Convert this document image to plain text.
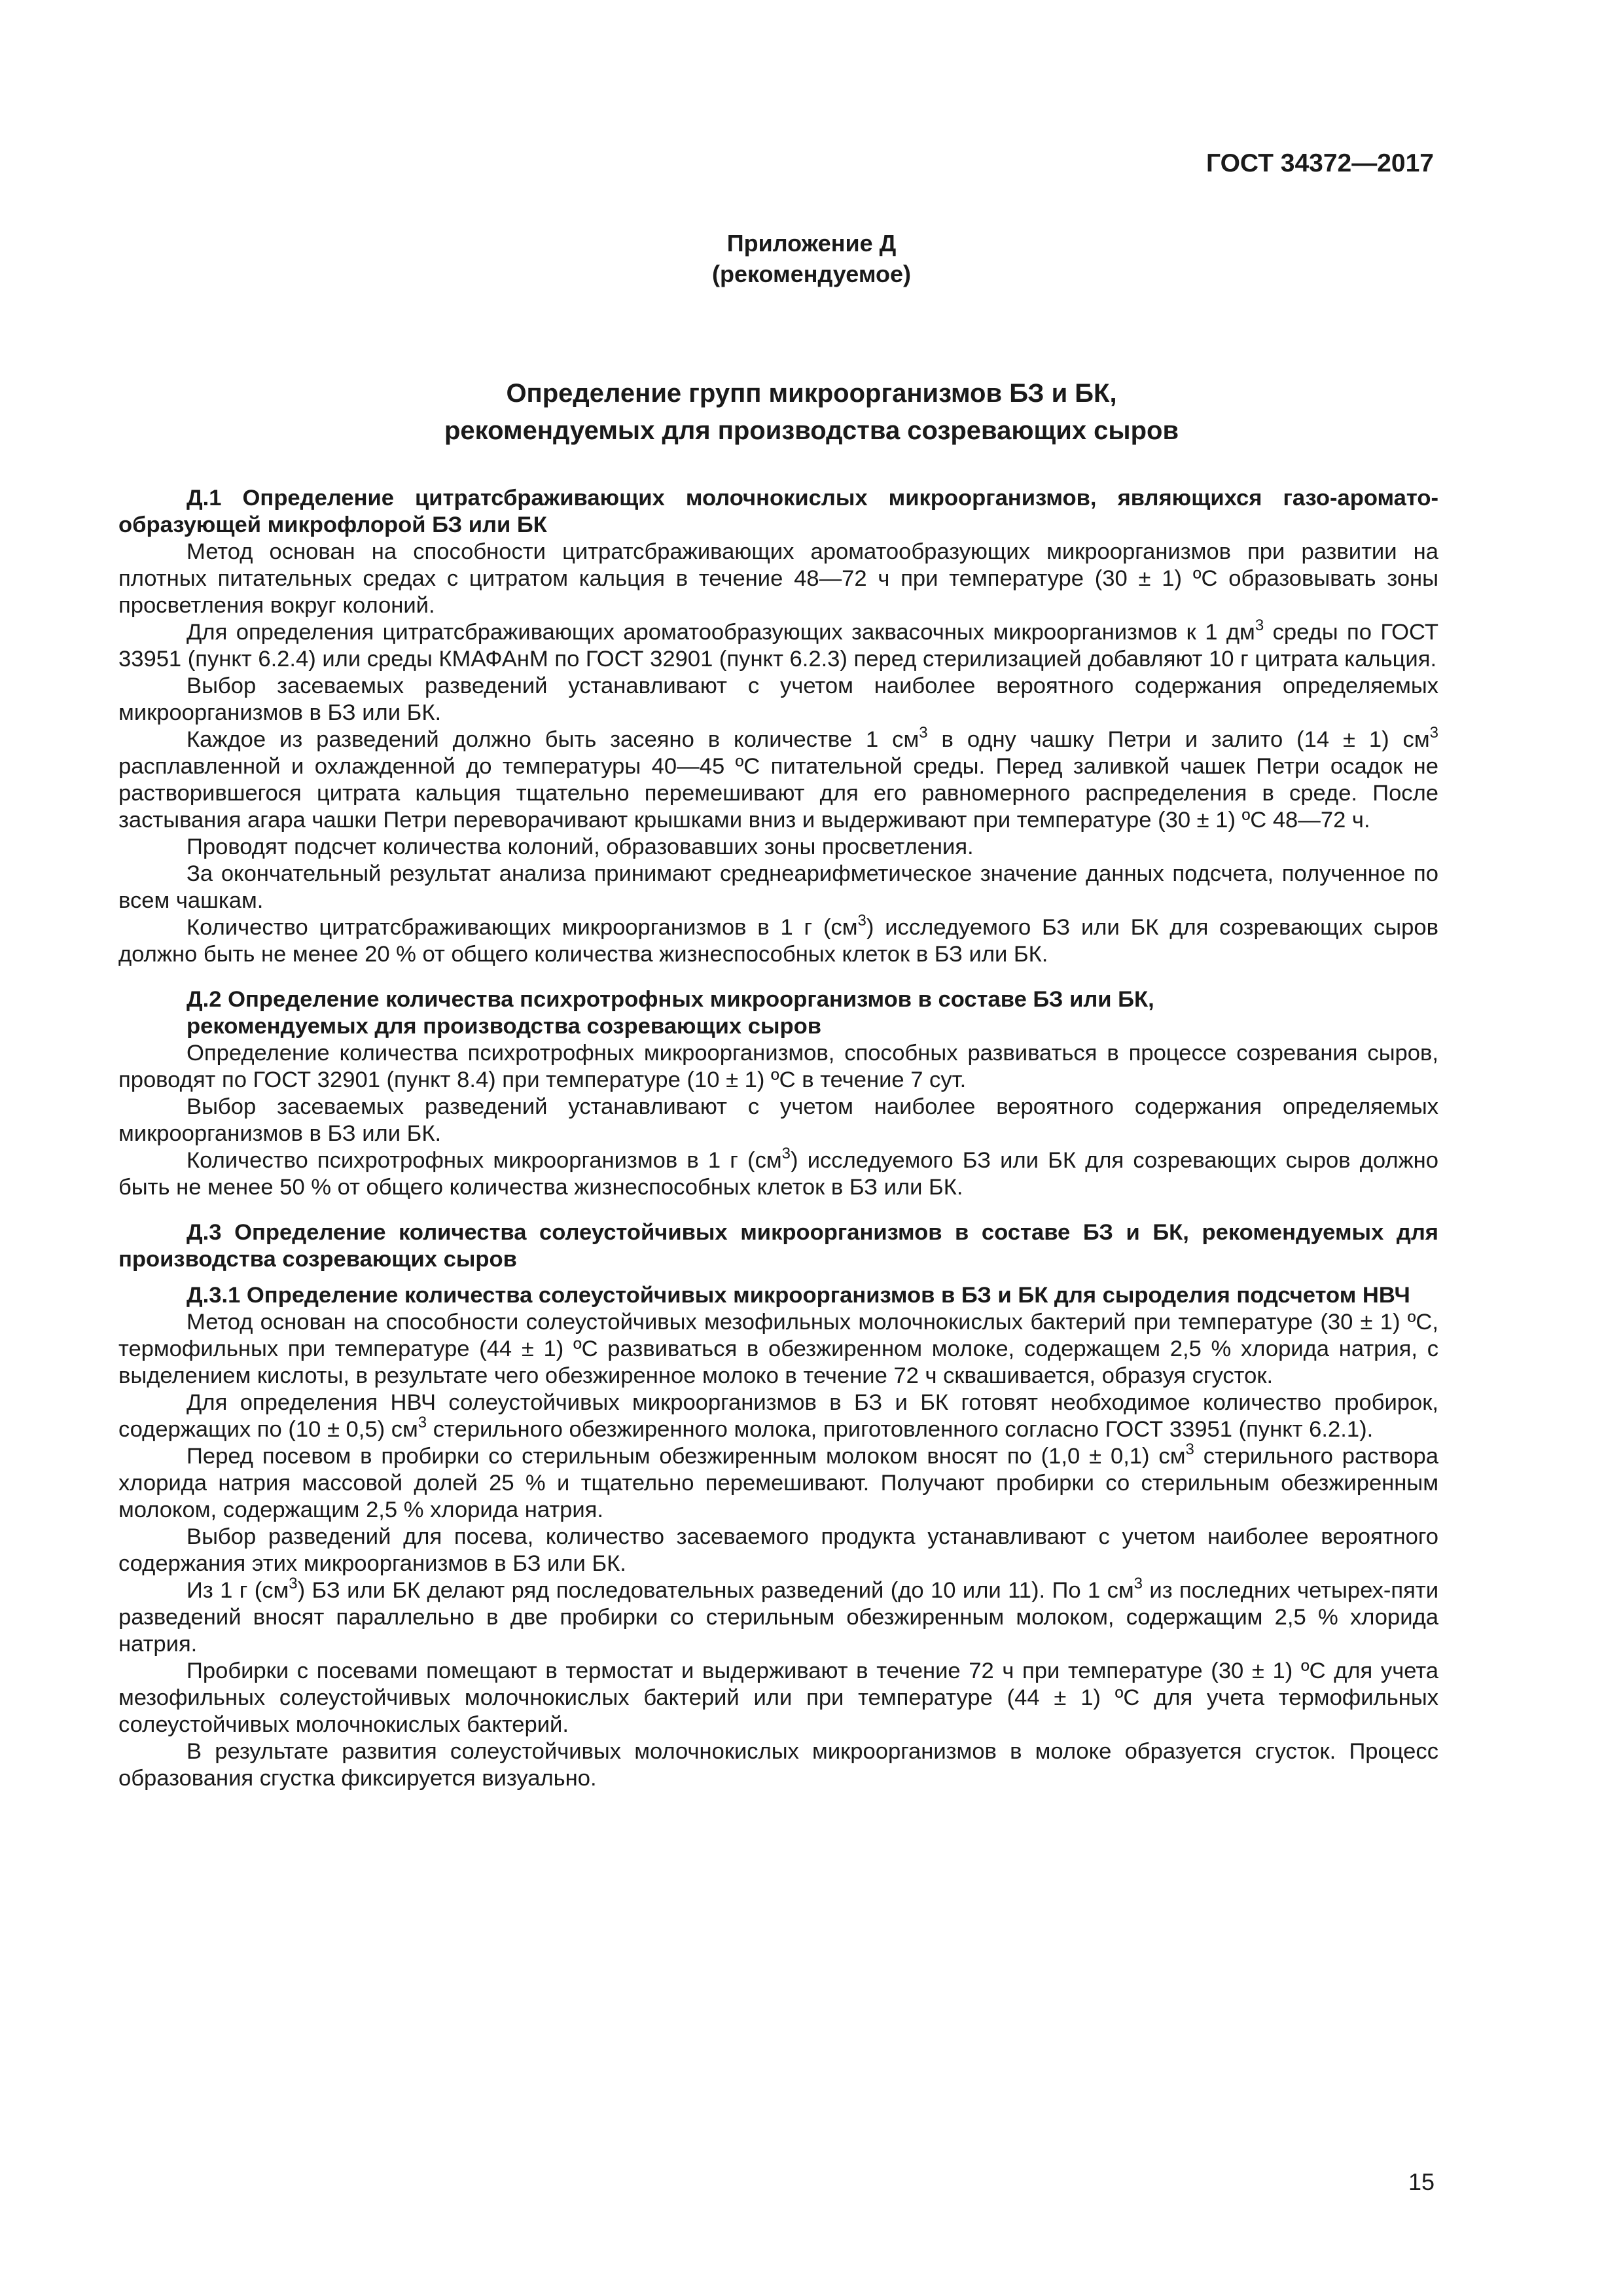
ГОСТ 34372—2017
Приложение Д
(рекомендуемое)
Определение групп микроорганизмов БЗ и БК,
рекомендуемых для производства созревающих сыров

Д.1 Определение цитратсбраживающих молочнокислых микроорганизмов, являющихся газо-аромато-образующей микрофлорой БЗ или БК

Метод основан на способности цитратсбраживающих ароматообразующих микроорганизмов при развитии на плотных питательных средах с цитратом кальция в течение 48—72 ч при температуре (30 ± 1) ºС образовывать зоны просветления вокруг колоний.

Для определения цитратсбраживающих ароматообразующих заквасочных микроорганизмов к 1 $дм^3$ среды по ГОСТ 33951 (пункт 6.2.4) или среды КМАФАнМ по ГОСТ 32901 (пункт 6.2.3) перед стерилизацией добавляют 10 г цитрата кальция.

Выбор засеваемых разведений устанавливают с учетом наиболее вероятного содержания определяемых микроорганизмов в БЗ или БК.

Каждое из разведений должно быть засеяно в количестве 1 $см^3$ в одну чашку Петри и залито (14 ± 1) $см^3$ расплавленной и охлажденной до температуры 40—45 ºС питательной среды. Перед заливкой чашек Петри осадок не растворившегося цитрата кальция тщательно перемешивают для его равномерного распределения в среде. После застывания агара чашки Петри переворачивают крышками вниз и выдерживают при температуре (30 ± 1) ºС 48—72 ч.

Проводят подсчет количества колоний, образовавших зоны просветления.

За окончательный результат анализа принимают среднеарифметическое значение данных подсчета, полученное по всем чашкам.

Количество цитратсбраживающих микроорганизмов в 1 г $(см^3)$ исследуемого БЗ или БК для созревающих сыров должно быть не менее 20 % от общего количества жизнеспособных клеток в БЗ или БК.

Д.2 Определение количества психротрофных микроорганизмов в составе БЗ или БК,

рекомендуемых для производства созревающих сыров

Определение количества психротрофных микроорганизмов, способных развиваться в процессе созревания сыров, проводят по ГОСТ 32901 (пункт 8.4) при температуре (10 ± 1) ºС в течение 7 сут.

Выбор засеваемых разведений устанавливают с учетом наиболее вероятного содержания определяемых микроорганизмов в БЗ или БК.

Количество психротрофных микроорганизмов в 1 г $(см^3)$ исследуемого БЗ или БК для созревающих сыров должно быть не менее 50 % от общего количества жизнеспособных клеток в БЗ или БК.

Д.3 Определение количества солеустойчивых микроорганизмов в составе БЗ и БК, рекомендуемых для производства созревающих сыров

Д.3.1 Определение количества солеустойчивых микроорганизмов в БЗ и БК для сыроделия подсчетом НВЧ

Метод основан на способности солеустойчивых мезофильных молочнокислых бактерий при температуре (30 ± 1) ºС, термофильных при температуре (44 ± 1) ºС развиваться в обезжиренном молоке, содержащем 2,5 % хлорида натрия, с выделением кислоты, в результате чего обезжиренное молоко в течение 72 ч сквашивается, образуя сгусток.

Для определения НВЧ солеустойчивых микроорганизмов в БЗ и БК готовят необходимое количество пробирок, содержащих по (10 ± 0,5) $см^3$ стерильного обезжиренного молока, приготовленного согласно ГОСТ 33951 (пункт 6.2.1).

Перед посевом в пробирки со стерильным обезжиренным молоком вносят по (1,0 ± 0,1) $см^3$ стерильного раствора хлорида натрия массовой долей 25 % и тщательно перемешивают. Получают пробирки со стерильным обезжиренным молоком, содержащим 2,5 % хлорида натрия.

Выбор разведений для посева, количество засеваемого продукта устанавливают с учетом наиболее вероятного содержания этих микроорганизмов в БЗ или БК.

Из 1 г $(см^3)$ БЗ или БК делают ряд последовательных разведений (до 10 или 11). По 1 $см^3$ из последних четырех-пяти разведений вносят параллельно в две пробирки со стерильным обезжиренным молоком, содержащим 2,5 % хлорида натрия.

Пробирки с посевами помещают в термостат и выдерживают в течение 72 ч при температуре (30 ± 1) ºС для учета мезофильных солеустойчивых молочнокислых бактерий или при температуре (44 ± 1) ºС для учета термофильных солеустойчивых молочнокислых бактерий.

В результате развития солеустойчивых молочнокислых микроорганизмов в молоке образуется сгусток. Процесс образования сгустка фиксируется визуально.

15
